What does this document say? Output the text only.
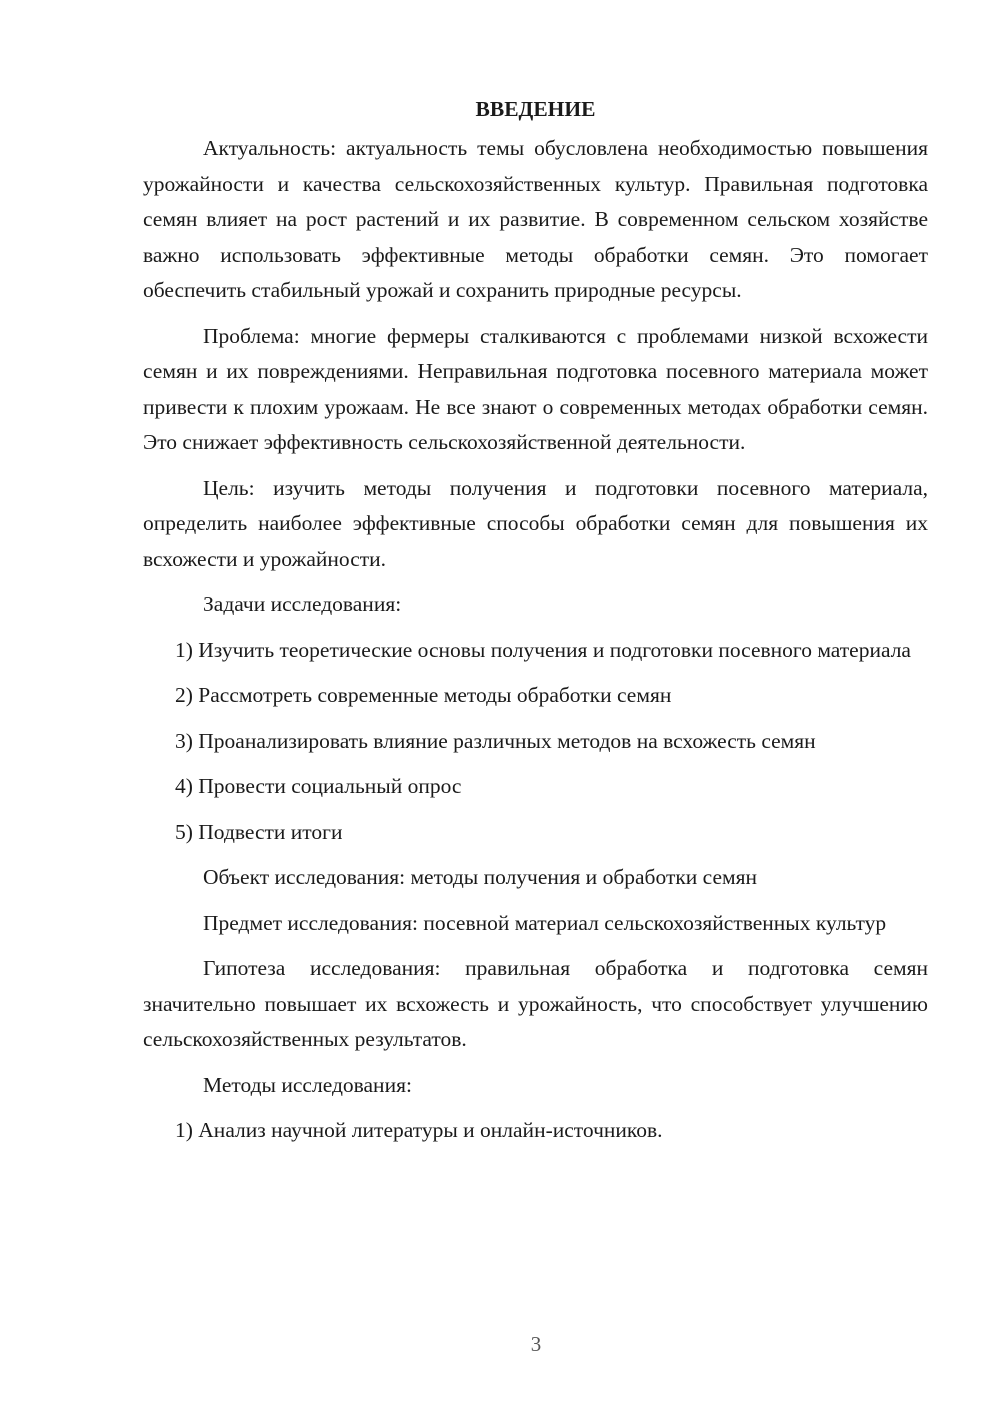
ВВЕДЕНИЕ

Актуальность: актуальность темы обусловлена необходимостью повышения урожайности и качества сельскохозяйственных культур. Правильная подготовка семян влияет на рост растений и их развитие. В современном сельском хозяйстве важно использовать эффективные методы обработки семян. Это помогает обеспечить стабильный урожай и сохранить природные ресурсы.

Проблема: многие фермеры сталкиваются с проблемами низкой всхожести семян и их повреждениями. Неправильная подготовка посевного материала может привести к плохим урожаам. Не все знают о современных методах обработки семян. Это снижает эффективность сельскохозяйственной деятельности.

Цель: изучить методы получения и подготовки посевного материала, определить наиболее эффективные способы обработки семян для повышения их всхожести и урожайности.

Задачи исследования:

1) Изучить теоретические основы получения и подготовки посевного материала

2) Рассмотреть современные методы обработки семян

3) Проанализировать влияние различных методов на всхожесть семян

4) Провести социальный опрос

5) Подвести итоги

Объект исследования: методы получения и обработки семян

Предмет исследования: посевной материал сельскохозяйственных культур

Гипотеза исследования: правильная обработка и подготовка семян значительно повышает их всхожесть и урожайность, что способствует улучшению сельскохозяйственных результатов.

Методы исследования:

1) Анализ научной литературы и онлайн-источников.

3
